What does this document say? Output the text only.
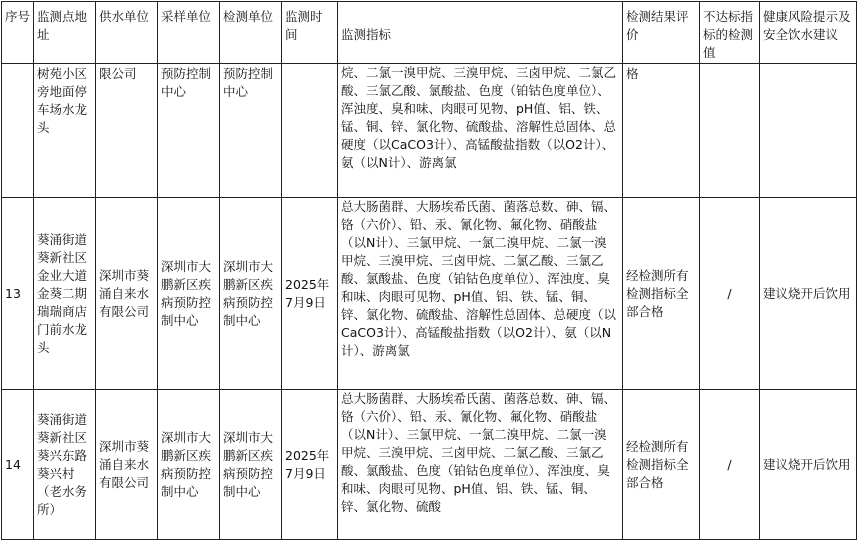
序号	监测点地址	供水单位	采样单位	检测单位	监测时间	监测指标	检测结果评价	不达标指标的检测值	健康风险提示及安全饮水建议
	树苑小区旁地面停车场水龙头	限公司	预防控制中心	预防控制中心		烷、二氯一溴甲烷、三溴甲烷、三卤甲烷、二氯乙酸、三氯乙酸、氯酸盐、色度（铂钴色度单位）、浑浊度、臭和味、肉眼可见物、pH值、铝、铁、锰、铜、锌、氯化物、硫酸盐、溶解性总固体、总硬度（以CaCO3计）、高锰酸盐指数（以O2计）、氨（以N计）、游离氯	格		
13	葵涌街道葵新社区金业大道金葵二期瑞瑞商店门前水龙头	深圳市葵涌自来水有限公司	深圳市大鹏新区疾病预防控制中心	深圳市大鹏新区疾病预防控制中心	2025年7月9日	总大肠菌群、大肠埃希氏菌、菌落总数、砷、镉、铬（六价）、铅、汞、氰化物、氟化物、硝酸盐（以N计）、三氯甲烷、一氯二溴甲烷、二氯一溴甲烷、三溴甲烷、三卤甲烷、二氯乙酸、三氯乙酸、氯酸盐、色度（铂钴色度单位）、浑浊度、臭和味、肉眼可见物、pH值、铝、铁、锰、铜、锌、氯化物、硫酸盐、溶解性总固体、总硬度（以CaCO3计）、高锰酸盐指数（以O2计）、氨（以N计）、游离氯	经检测所有检测指标全部合格	/	建议烧开后饮用
14	葵涌街道葵新社区葵兴东路葵兴村（老水务所）	深圳市葵涌自来水有限公司	深圳市大鹏新区疾病预防控制中心	深圳市大鹏新区疾病预防控制中心	2025年7月9日	总大肠菌群、大肠埃希氏菌、菌落总数、砷、镉、铬（六价）、铅、汞、氰化物、氟化物、硝酸盐（以N计）、三氯甲烷、一氯二溴甲烷、二氯一溴甲烷、三溴甲烷、三卤甲烷、二氯乙酸、三氯乙酸、氯酸盐、色度（铂钴色度单位）、浑浊度、臭和味、肉眼可见物、pH值、铝、铁、锰、铜、锌、氯化物、硫酸	经检测所有检测指标全部合格	/	建议烧开后饮用
